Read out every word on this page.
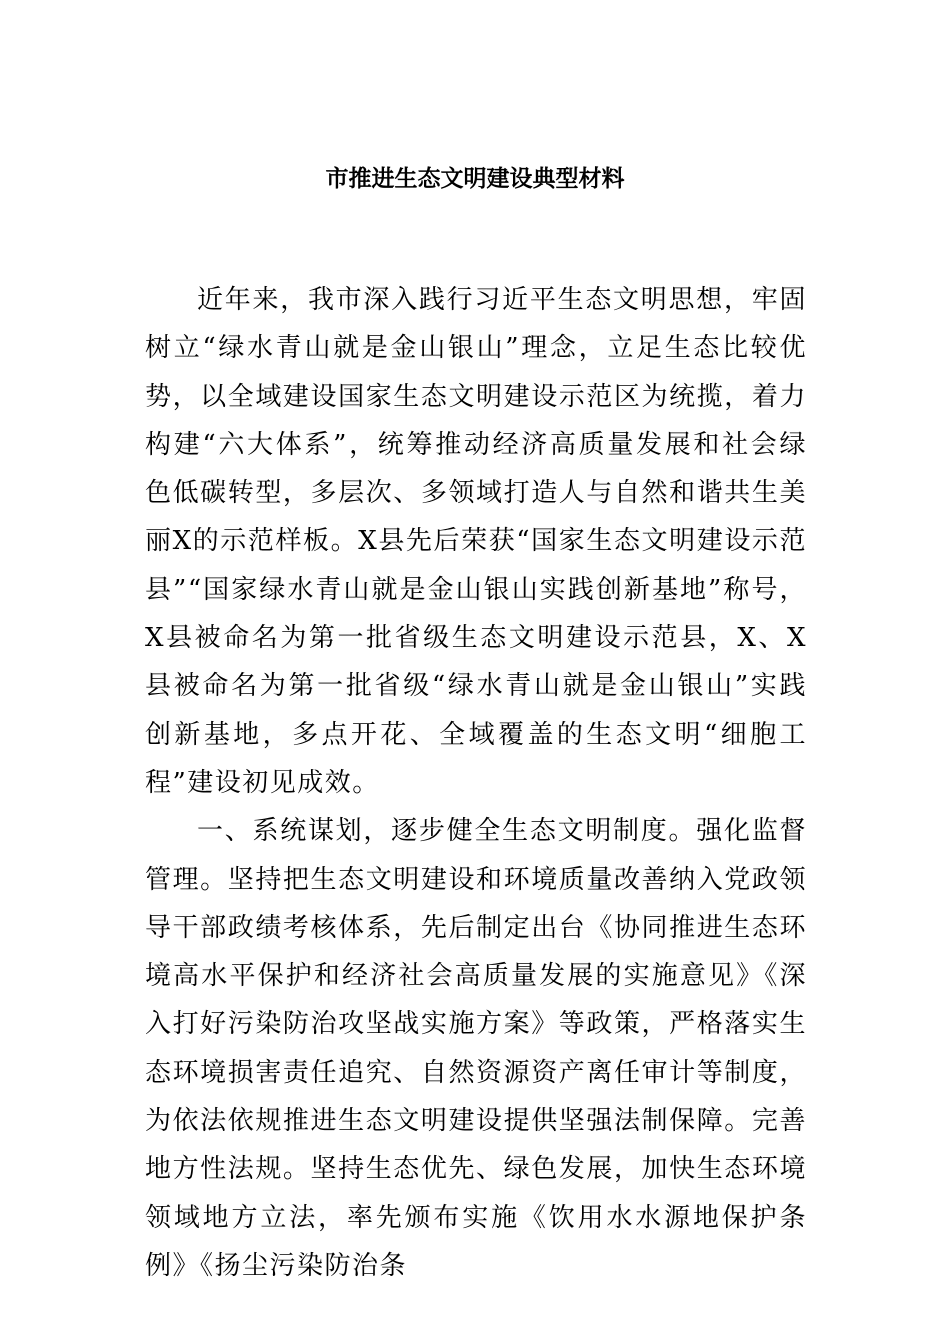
市推进生态文明建设典型材料

近年来，我市深入践行习近平生态文明思想，牢固树立“绿水青山就是金山银山”理念，立足生态比较优势，以全域建设国家生态文明建设示范区为统揽，着力构建“六大体系”，统筹推动经济高质量发展和社会绿色低碳转型，多层次、多领域打造人与自然和谐共生美丽X的示范样板。X县先后荣获“国家生态文明建设示范县”“国家绿水青山就是金山银山实践创新基地”称号，X县被命名为第一批省级生态文明建设示范县，X、X县被命名为第一批省级“绿水青山就是金山银山”实践创新基地，多点开花、全域覆盖的生态文明“细胞工程”建设初见成效。

一、系统谋划，逐步健全生态文明制度。强化监督管理。坚持把生态文明建设和环境质量改善纳入党政领导干部政绩考核体系，先后制定出台《协同推进生态环境高水平保护和经济社会高质量发展的实施意见》《深入打好污染防治攻坚战实施方案》等政策，严格落实生态环境损害责任追究、自然资源资产离任审计等制度，为依法依规推进生态文明建设提供坚强法制保障。完善地方性法规。坚持生态优先、绿色发展，加快生态环境领域地方立法，率先颁布实施《饮用水水源地保护条例》《扬尘污染防治条
